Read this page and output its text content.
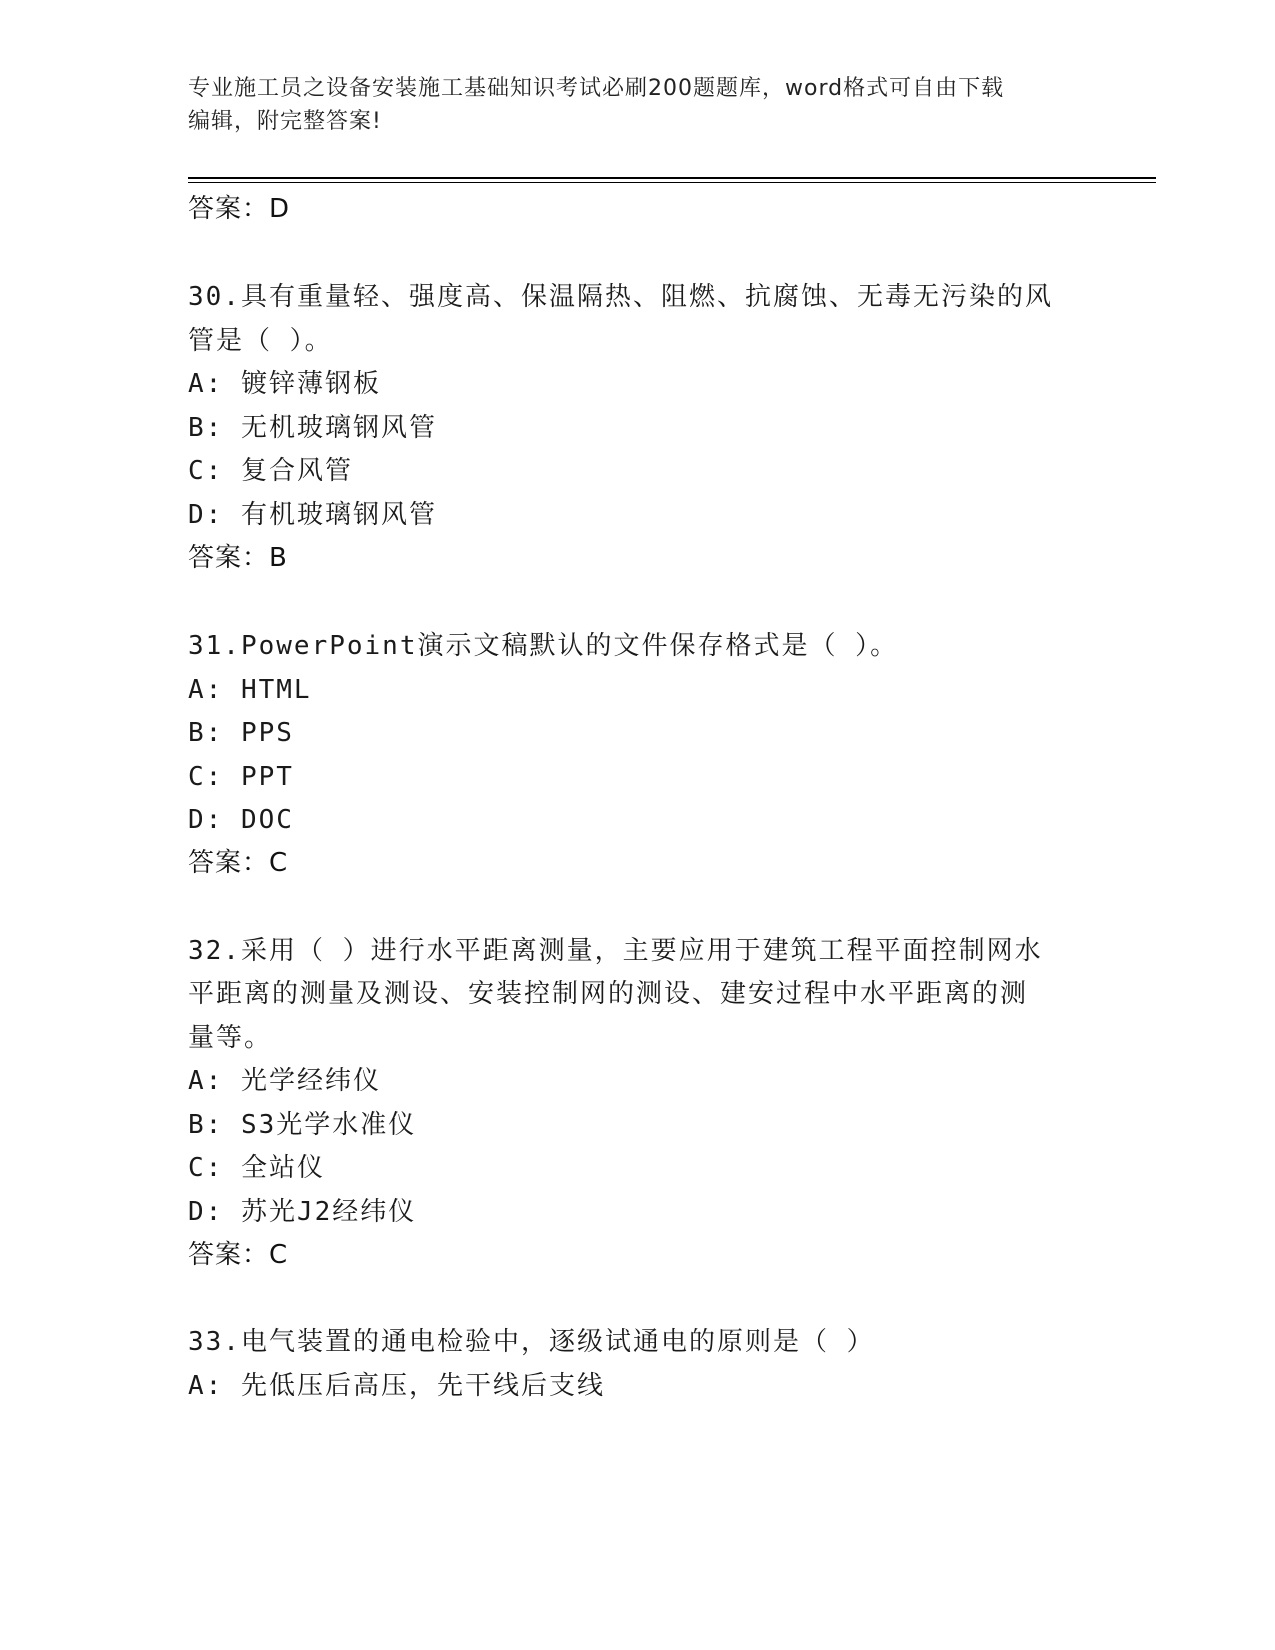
专业施工员之设备安装施工基础知识考试必刷200题题库，word格式可自由下载
编辑，附完整答案!
答案：D
30.具有重量轻、强度高、保温隔热、阻燃、抗腐蚀、无毒无污染的风
管是（ ）。
A: 镀锌薄钢板
B: 无机玻璃钢风管
C: 复合风管
D: 有机玻璃钢风管
答案：B
31.PowerPoint演示文稿默认的文件保存格式是（ ）。
A: HTML
B: PPS
C: PPT
D: DOC
答案：C
32.采用（ ）进行水平距离测量，主要应用于建筑工程平面控制网水
平距离的测量及测设、安装控制网的测设、建安过程中水平距离的测
量等。
A: 光学经纬仪
B: S3光学水准仪
C: 全站仪
D: 苏光J2经纬仪
答案：C
33.电气装置的通电检验中，逐级试通电的原则是（ ）
A: 先低压后高压，先干线后支线
